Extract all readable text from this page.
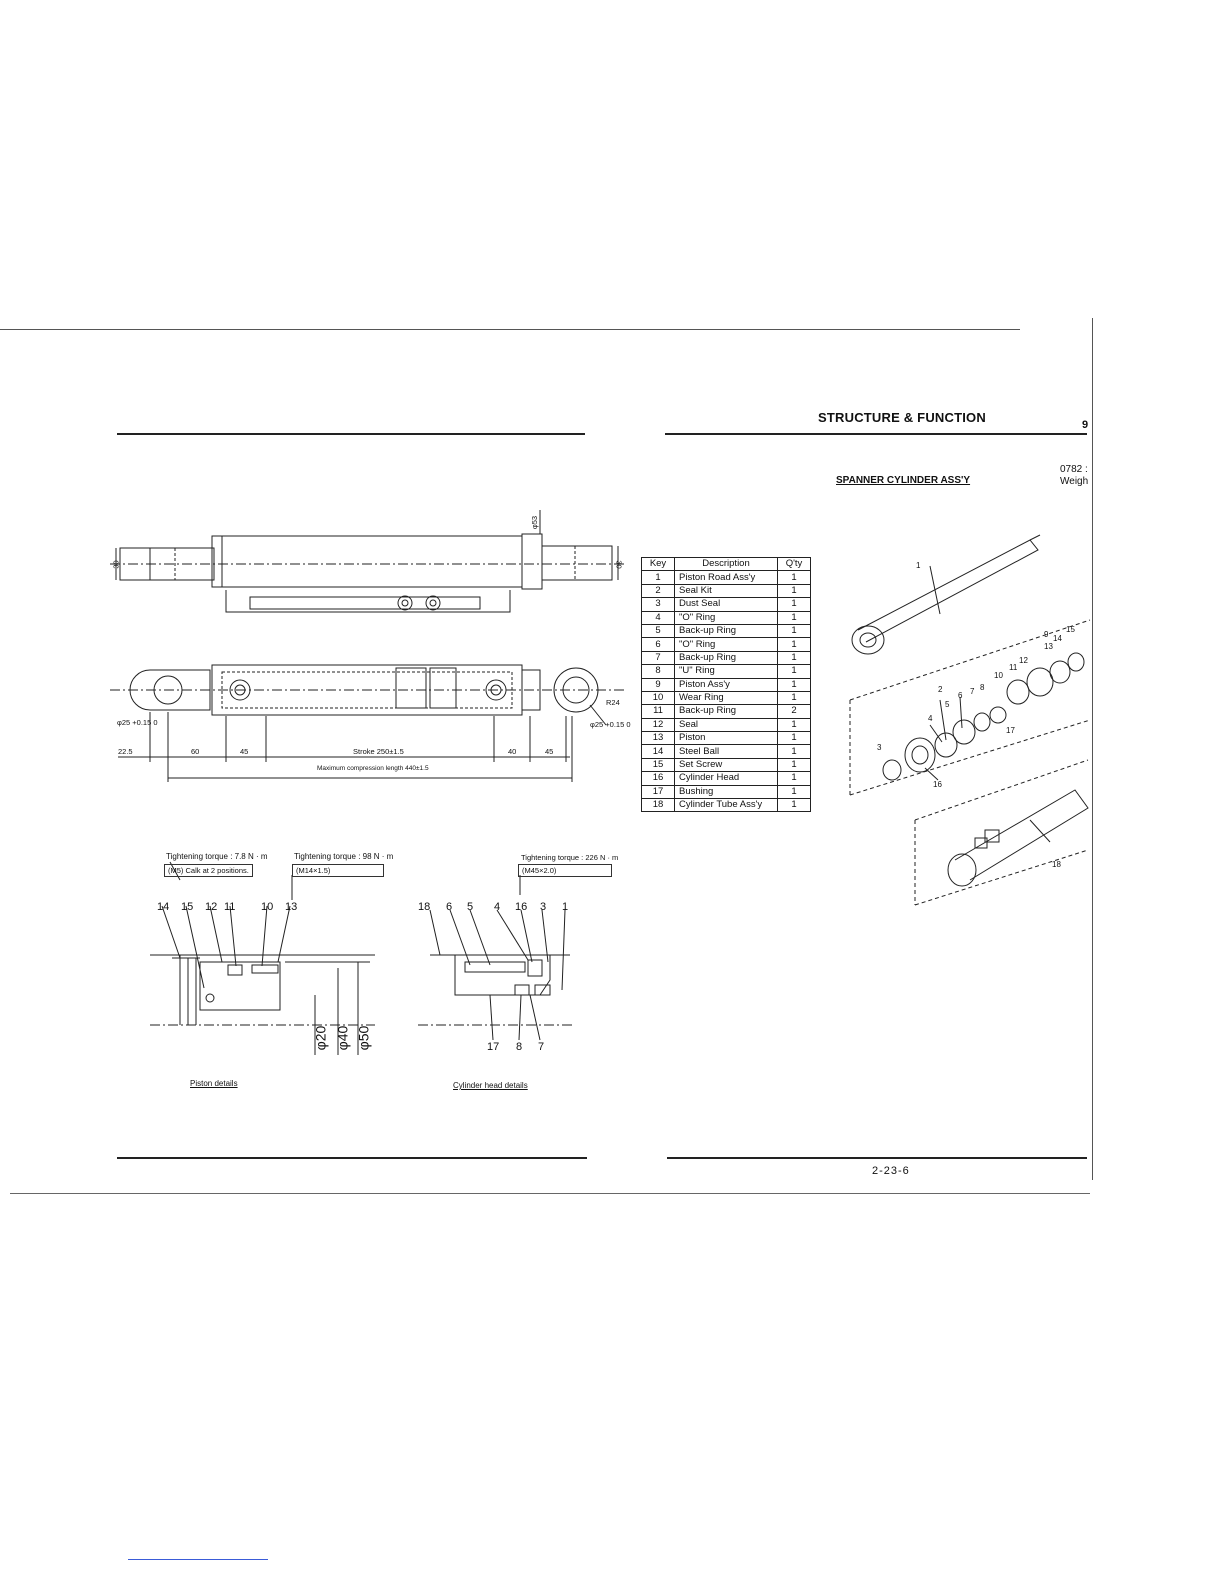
STRUCTURE & FUNCTION	9
SPANNER CYLINDER ASS'Y
0782 :
Weigh
30	30
φ53
R24
φ25 +0.15 0	φ25 +0.15 0
22.5	60	45	Stroke 250±1.5	40	45
Maximum compression length 440±1.5
Key	Description	Q'ty
1	Piston Road Ass'y	1
2	Seal Kit	1
3	Dust Seal	1
4	"O" Ring	1
5	Back-up Ring	1
6	"O" Ring	1
7	Back-up Ring	1
8	"U" Ring	1
9	Piston Ass'y	1
10	Wear Ring	1
11	Back-up Ring	2
12	Seal	1
13	Piston	1
14	Steel Ball	1
15	Set Screw	1
16	Cylinder Head	1
17	Bushing	1
18	Cylinder Tube Ass'y	1
Tightening torque : 7.8 N · m
(M5) Calk at 2 positions.
Tightening torque : 98 N · m
(M14×1.5)
14 15 12 11 10 13
φ20 φ40 φ50
Piston details
Tightening torque : 226 N · m
(M45×2.0)
18 6 5 4 16 3 1
17 8 7
Cylinder head details
1
2
3
4
5
6 7 8
9
10
11
12
13
14
15
16
17
18
2-23-6
